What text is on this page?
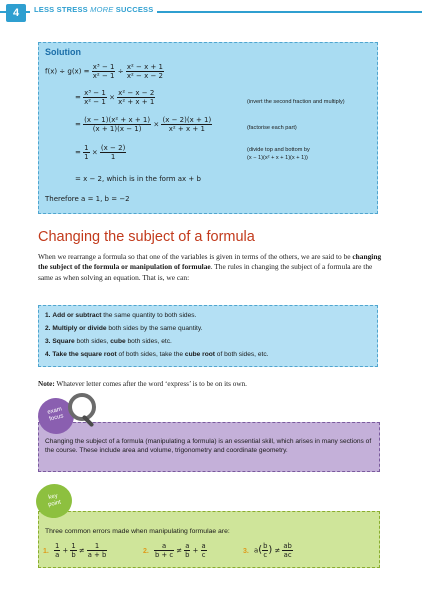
4	LESS STRESS MORE SUCCESS
Solution
$f(x) \div g(x) = \frac{\text{x³ − 1}}{\text{x² − 1}} \div \frac{\text{x² − x + 1}}{\text{x² − x − 2}}$
= $\frac{\text{x³ − 1}}{\text{x² − 1}} \times \frac{\text{x² − x − 2}}{\text{x² + x + 1}}$	(invert the second fraction and multiply)
= $\frac{\text{(x − 1)(x² + x + 1)}}{(x + 1)(x - 1)} \times \frac{(x - 2)(x + 1)}{\text{x² + x + 1}}$	(factorise each part)
= $\frac{1}{1} \times \frac{(x - 2)}{1}$	(divide top and bottom by
(x − 1)(x² + x + 1)(x + 1))
= x − 2, which is in the form ax + b
Therefore a = 1, b = −2
Changing the subject of a formula
When we rearrange a formula so that one of the variables is given in terms of the others, we are said to be changing the subject of the formula or manipulation of formulae. The rules in changing the subject of a formula are the same as when solving an equation. That is, we can:
1. Add or subtract the same quantity to both sides.
2. Multiply or divide both sides by the same quantity.
3. Square both sides, cube both sides, etc.
4. Take the square root of both sides, take the cube root of both sides, etc.
Note: Whatever letter comes after the word ‘express’ is to be on its own.
Changing the subject of a formula (manipulating a formula) is an essential skill, which arises in many sections of the course. These include area and volume, trigonometry and coordinate geometry.
exam
focus
Three common errors made when manipulating formulae are:
1. $\frac{1}{a} + \frac{1}{b} \ne \frac{1}{a + b}$	2. $\frac{a}{b + c} \ne \frac{a}{b} + \frac{a}{c}$	3. $a( \frac{b}{c}$ ) ≠ $\frac{ab}{ac}$
key
point
